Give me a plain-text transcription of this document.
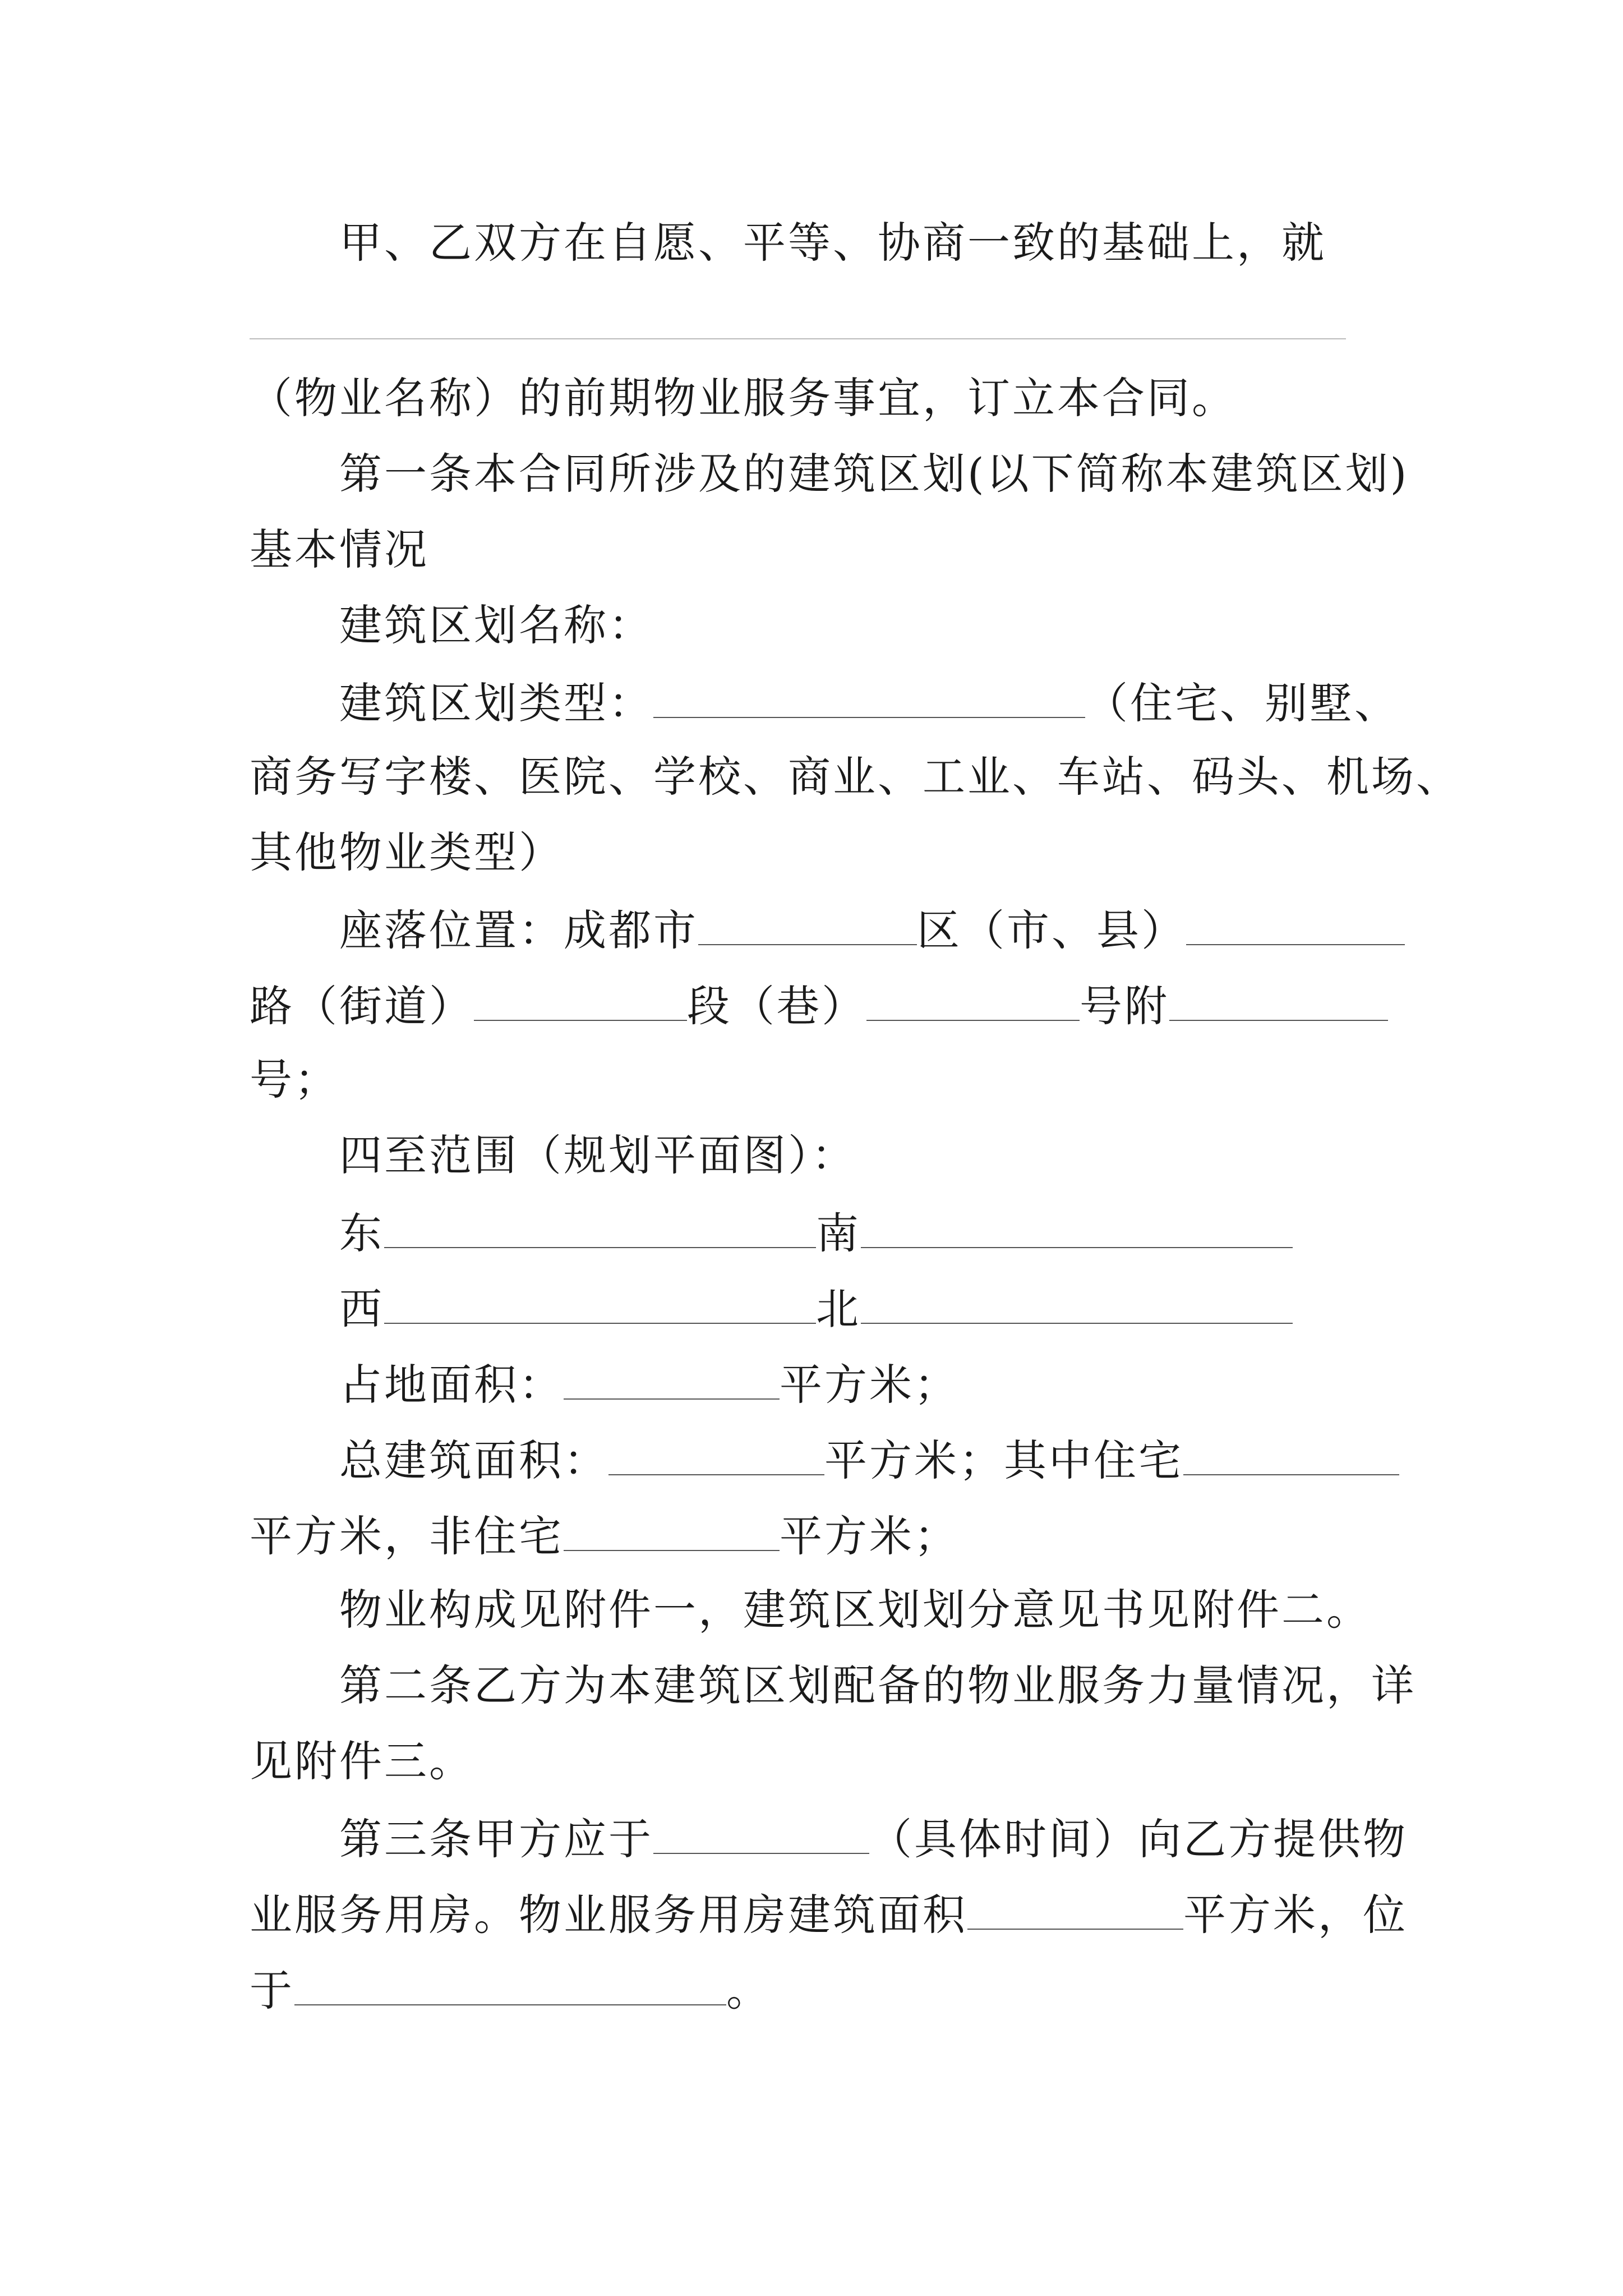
甲、乙双方在自愿、平等、协商一致的基础上，就
（物业名称）的前期物业服务事宜，订立本合同。
第一条本合同所涉及的建筑区划(以下简称本建筑区划)
基本情况
建筑区划名称：
建筑区划类型：	（住宅、别墅、
商务写字楼、医院、学校、商业、工业、车站、码头、机场、
其他物业类型）
座落位置：成都市	区（市、县）
路（街道）	段（巷）	号附
号；
四至范围（规划平面图）：
东	南
西	北
占地面积：	平方米；
总建筑面积：	平方米；其中住宅
平方米，非住宅	平方米；
物业构成见附件一，建筑区划划分意见书见附件二。
第二条乙方为本建筑区划配备的物业服务力量情况，详
见附件三。
第三条甲方应于	（具体时间）向乙方提供物
业服务用房。物业服务用房建筑面积	平方米，位
于	。
